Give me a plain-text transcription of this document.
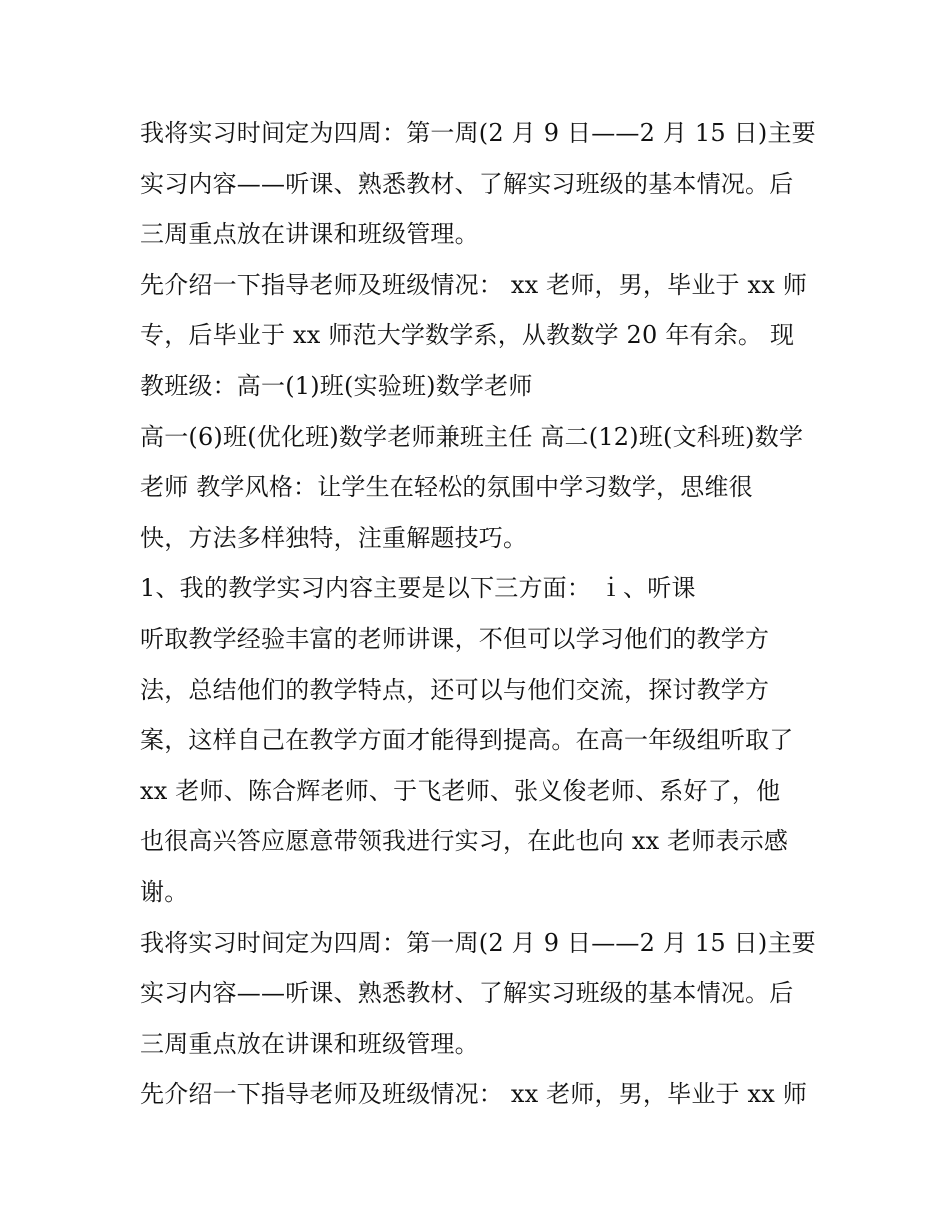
我将实习时间定为四周：第一周(2 月 9 日——2 月 15 日)主要
实习内容——听课、熟悉教材、了解实习班级的基本情况。后
三周重点放在讲课和班级管理。
先介绍一下指导老师及班级情况： xx 老师，男，毕业于 xx 师
专，后毕业于 xx 师范大学数学系，从教数学 20 年有余。 现
教班级：高一(1)班(实验班)数学老师
高一(6)班(优化班)数学老师兼班主任 高二(12)班(文科班)数学
老师 教学风格：让学生在轻松的氛围中学习数学，思维很
快，方法多样独特，注重解题技巧。
1、我的教学实习内容主要是以下三方面： ｉ、听课
听取教学经验丰富的老师讲课，不但可以学习他们的教学方
法，总结他们的教学特点，还可以与他们交流，探讨教学方
案，这样自己在教学方面才能得到提高。在高一年级组听取了
xx 老师、陈合辉老师、于飞老师、张义俊老师、系好了，他
也很高兴答应愿意带领我进行实习，在此也向 xx 老师表示感
谢。
我将实习时间定为四周：第一周(2 月 9 日——2 月 15 日)主要
实习内容——听课、熟悉教材、了解实习班级的基本情况。后
三周重点放在讲课和班级管理。
先介绍一下指导老师及班级情况： xx 老师，男，毕业于 xx 师
